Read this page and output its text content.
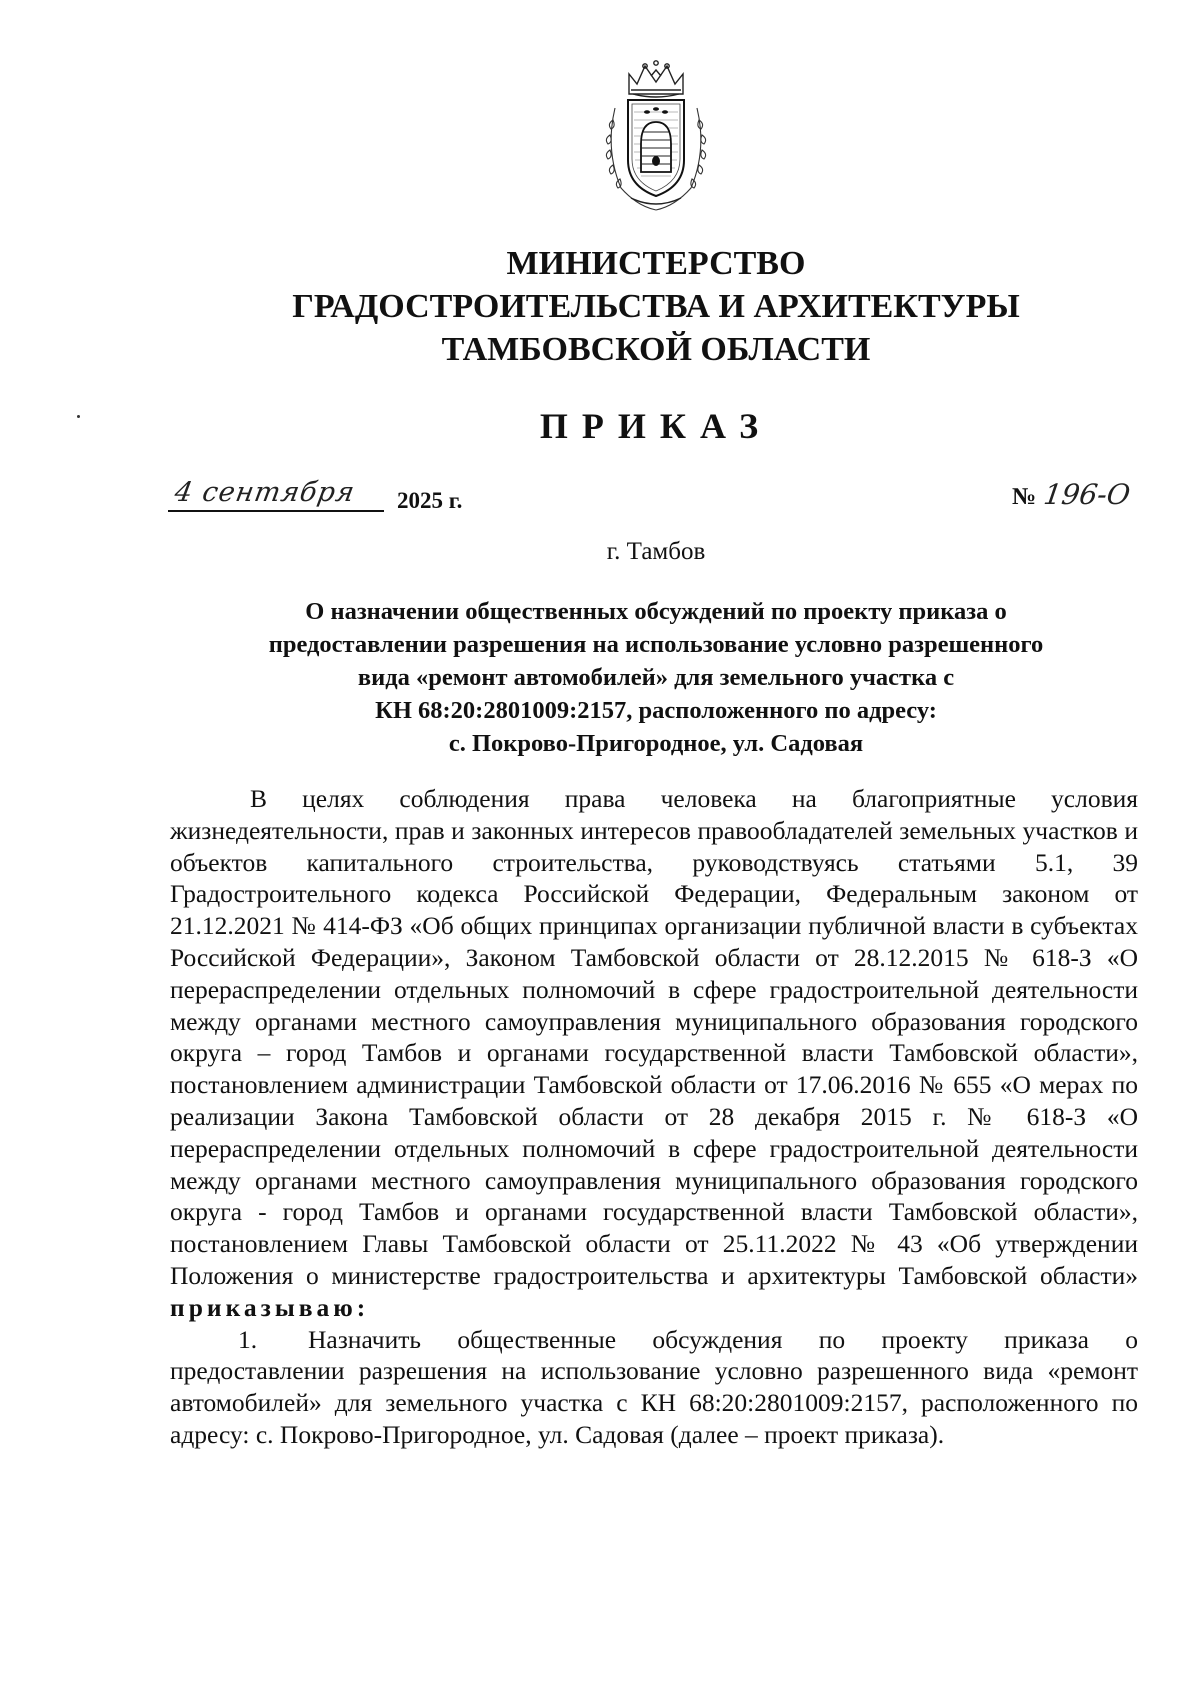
МИНИСТЕРСТВО
ГРАДОСТРОИТЕЛЬСТВА И АРХИТЕКТУРЫ
ТАМБОВСКОЙ ОБЛАСТИ
ПРИКАЗ
4 сентября 2025 г.	№ 196-О
г. Тамбов
О назначении общественных обсуждений по проекту приказа о
предоставлении разрешения на использование условно разрешенного
вида «ремонт автомобилей» для земельного участка с
КН 68:20:2801009:2157, расположенного по адресу:
с. Покрово-Пригородное, ул. Садовая

В целях соблюдения права человека на благоприятные условия жизнедеятельности, прав и законных интересов правообладателей земельных участков и объектов капитального строительства, руководствуясь статьями 5.1, 39 Градостроительного кодекса Российской Федерации, Федеральным законом от 21.12.2021 № 414-ФЗ «Об общих принципах организации публичной власти в субъектах Российской Федерации», Законом Тамбовской области от 28.12.2015 № 618-З «О перераспределении отдельных полномочий в сфере градостроительной деятельности между органами местного самоуправления муниципального образования городского округа – город Тамбов и органами государственной власти Тамбовской области», постановлением администрации Тамбовской области от 17.06.2016 № 655 «О мерах по реализации Закона Тамбовской области от 28 декабря 2015 г. № 618-З «О перераспределении отдельных полномочий в сфере градостроительной деятельности между органами местного самоуправления муниципального образования городского округа - город Тамбов и органами государственной власти Тамбовской области», постановлением Главы Тамбовской области от 25.11.2022 № 43 «Об утверждении Положения о министерстве градостроительства и архитектуры Тамбовской области» приказываю:

1. Назначить общественные обсуждения по проекту приказа о предоставлении разрешения на использование условно разрешенного вида «ремонт автомобилей» для земельного участка с КН 68:20:2801009:2157, расположенного по адресу: с. Покрово-Пригородное, ул. Садовая (далее – проект приказа).
